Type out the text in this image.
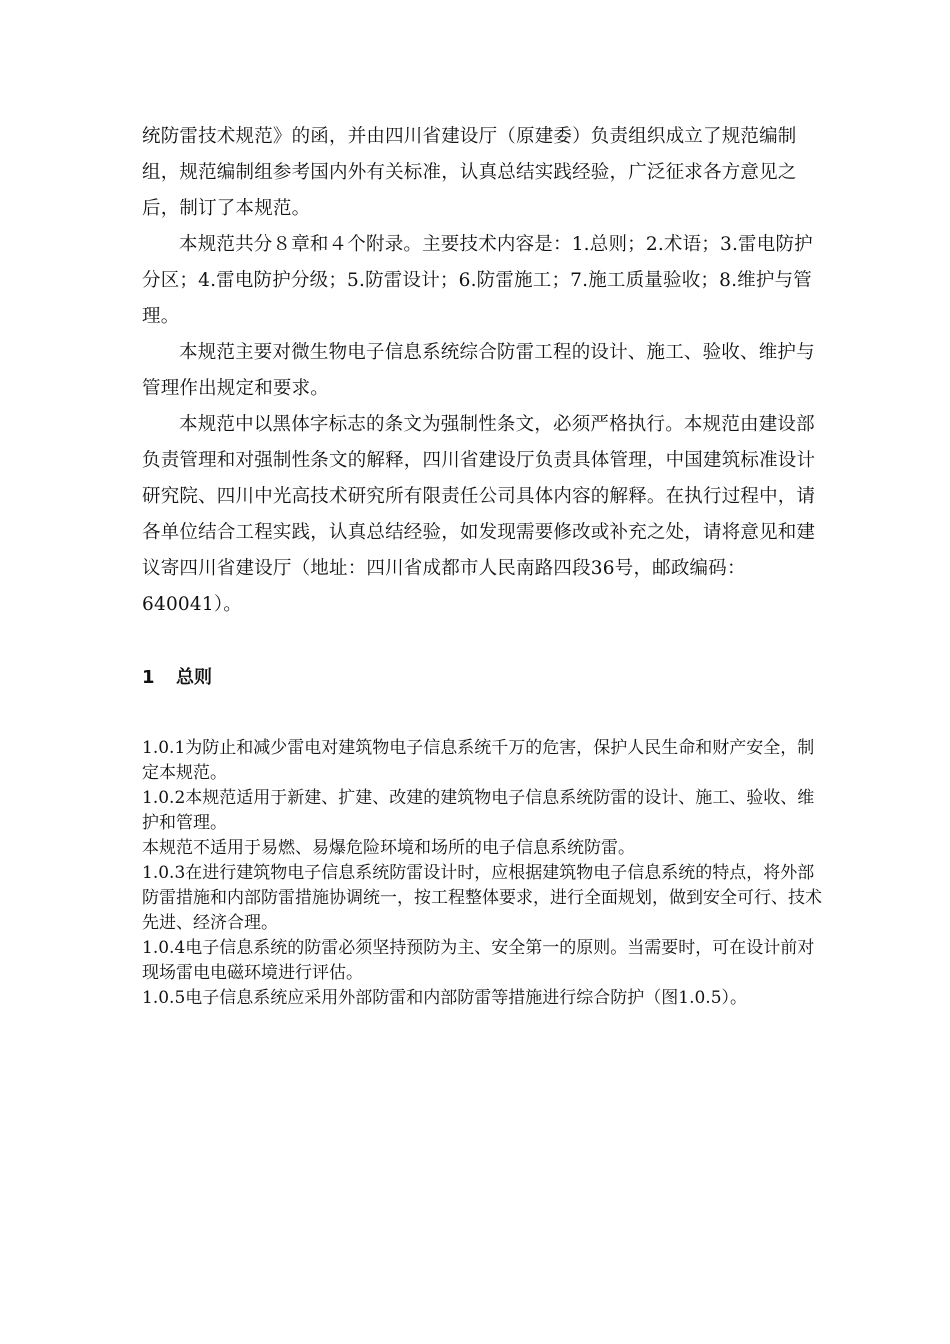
统防雷技术规范》的函，并由四川省建设厅（原建委）负责组织成立了规范编制组，规范编制组参考国内外有关标准，认真总结实践经验，广泛征求各方意见之后，制订了本规范。

本规范共分８章和４个附录。主要技术内容是：1.总则；2.术语；3.雷电防护分区；4.雷电防护分级；5.防雷设计；6.防雷施工；7.施工质量验收；8.维护与管理。

本规范主要对微生物电子信息系统综合防雷工程的设计、施工、验收、维护与管理作出规定和要求。

本规范中以黑体字标志的条文为强制性条文，必须严格执行。本规范由建设部负责管理和对强制性条文的解释，四川省建设厅负责具体管理，中国建筑标准设计研究院、四川中光高技术研究所有限责任公司具体内容的解释。在执行过程中，请各单位结合工程实践，认真总结经验，如发现需要修改或补充之处，请将意见和建议寄四川省建设厅（地址：四川省成都市人民南路四段36号，邮政编码：640041）。

1 总则

1.0.1为防止和减少雷电对建筑物电子信息系统千万的危害，保护人民生命和财产安全，制定本规范。

1.0.2本规范适用于新建、扩建、改建的建筑物电子信息系统防雷的设计、施工、验收、维护和管理。

本规范不适用于易燃、易爆危险环境和场所的电子信息系统防雷。

1.0.3在进行建筑物电子信息系统防雷设计时，应根据建筑物电子信息系统的特点，将外部防雷措施和内部防雷措施协调统一，按工程整体要求，进行全面规划，做到安全可行、技术先进、经济合理。

1.0.4电子信息系统的防雷必须坚持预防为主、安全第一的原则。当需要时，可在设计前对现场雷电电磁环境进行评估。

1.0.5电子信息系统应采用外部防雷和内部防雷等措施进行综合防护（图1.0.5）。
